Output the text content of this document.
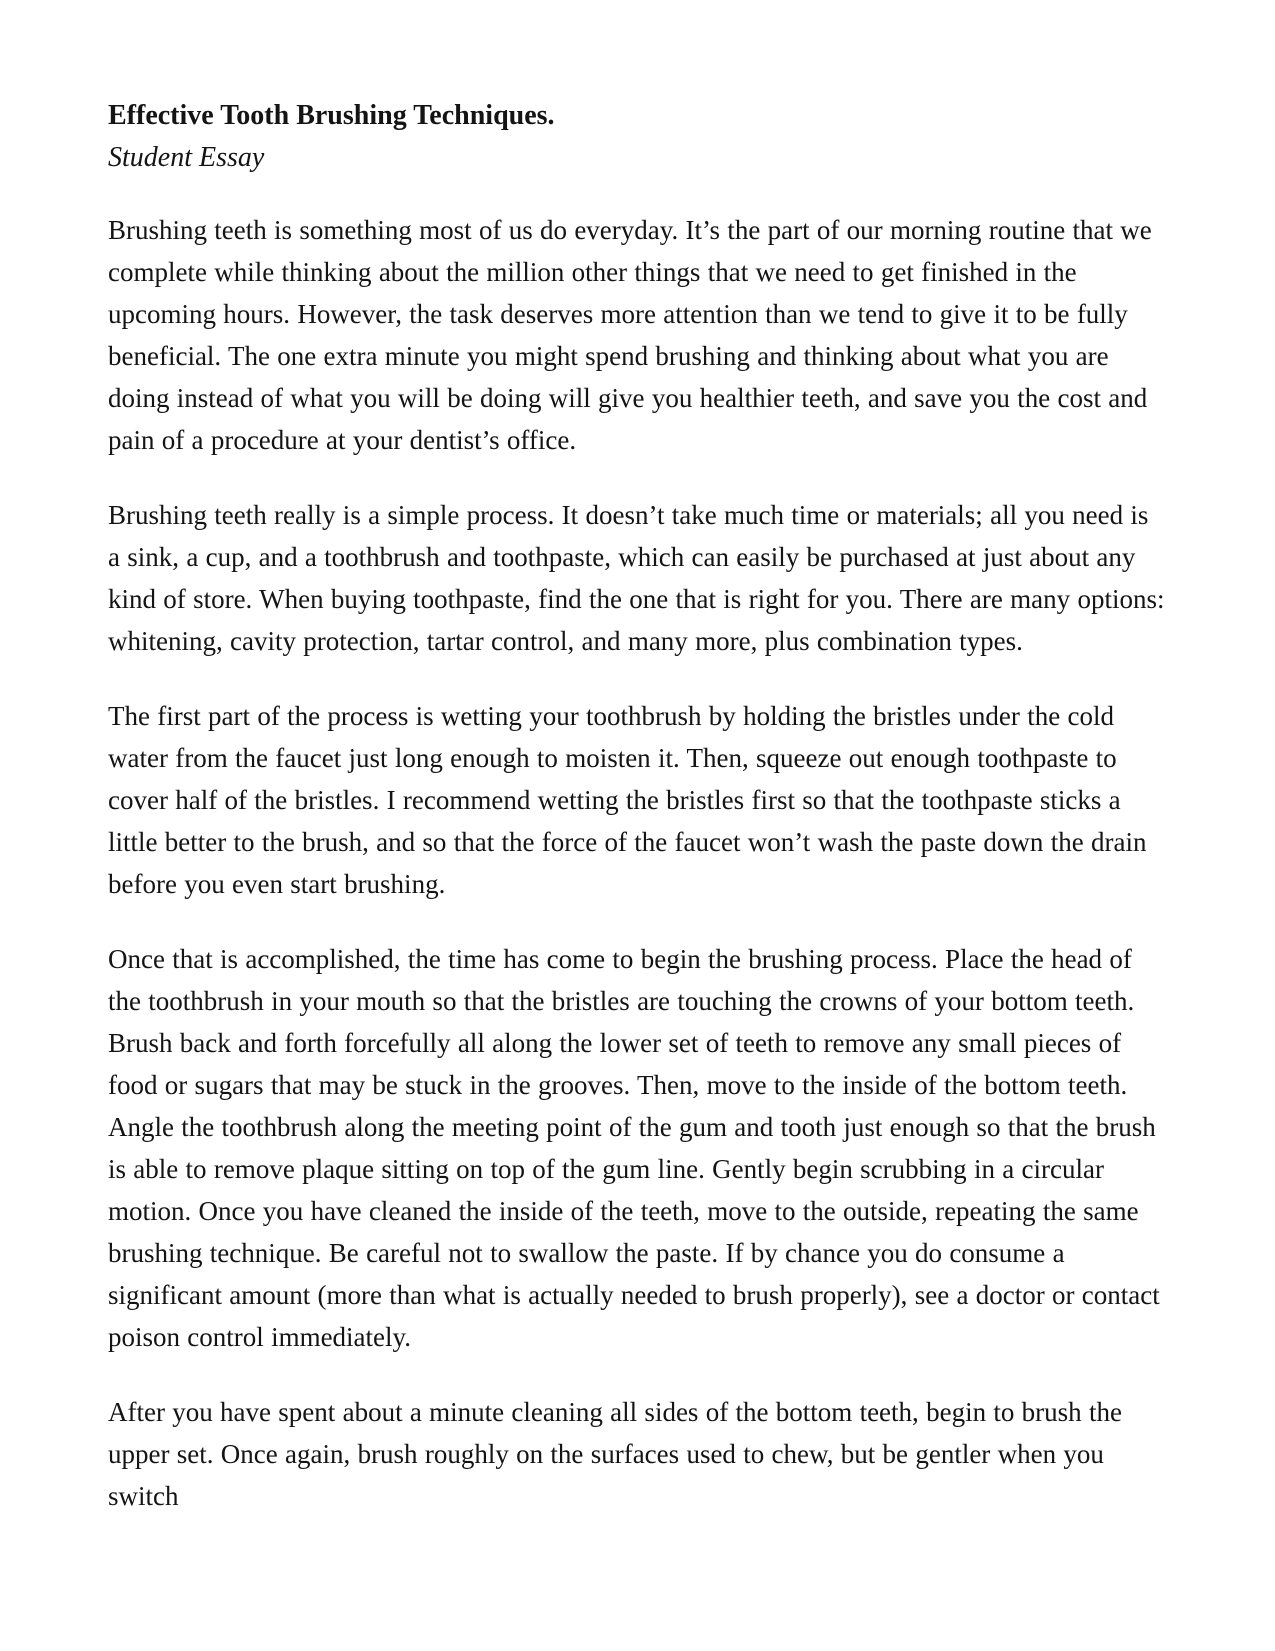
Effective Tooth Brushing Techniques.

Student Essay

Brushing teeth is something most of us do everyday. It’s the part of our morning routine that we complete while thinking about the million other things that we need to get finished in the upcoming hours. However, the task deserves more attention than we tend to give it to be fully beneficial. The one extra minute you might spend brushing and thinking about what you are doing instead of what you will be doing will give you healthier teeth, and save you the cost and pain of a procedure at your dentist’s office.

Brushing teeth really is a simple process. It doesn’t take much time or materials; all you need is a sink, a cup, and a toothbrush and toothpaste, which can easily be purchased at just about any kind of store. When buying toothpaste, find the one that is right for you. There are many options: whitening, cavity protection, tartar control, and many more, plus combination types.

The first part of the process is wetting your toothbrush by holding the bristles under the cold water from the faucet just long enough to moisten it. Then, squeeze out enough toothpaste to cover half of the bristles. I recommend wetting the bristles first so that the toothpaste sticks a little better to the brush, and so that the force of the faucet won’t wash the paste down the drain before you even start brushing.

Once that is accomplished, the time has come to begin the brushing process. Place the head of the toothbrush in your mouth so that the bristles are touching the crowns of your bottom teeth. Brush back and forth forcefully all along the lower set of teeth to remove any small pieces of food or sugars that may be stuck in the grooves. Then, move to the inside of the bottom teeth. Angle the toothbrush along the meeting point of the gum and tooth just enough so that the brush is able to remove plaque sitting on top of the gum line. Gently begin scrubbing in a circular motion. Once you have cleaned the inside of the teeth, move to the outside, repeating the same brushing technique. Be careful not to swallow the paste. If by chance you do consume a significant amount (more than what is actually needed to brush properly), see a doctor or contact poison control immediately.

After you have spent about a minute cleaning all sides of the bottom teeth, begin to brush the upper set. Once again, brush roughly on the surfaces used to chew, but be gentler when you switch
